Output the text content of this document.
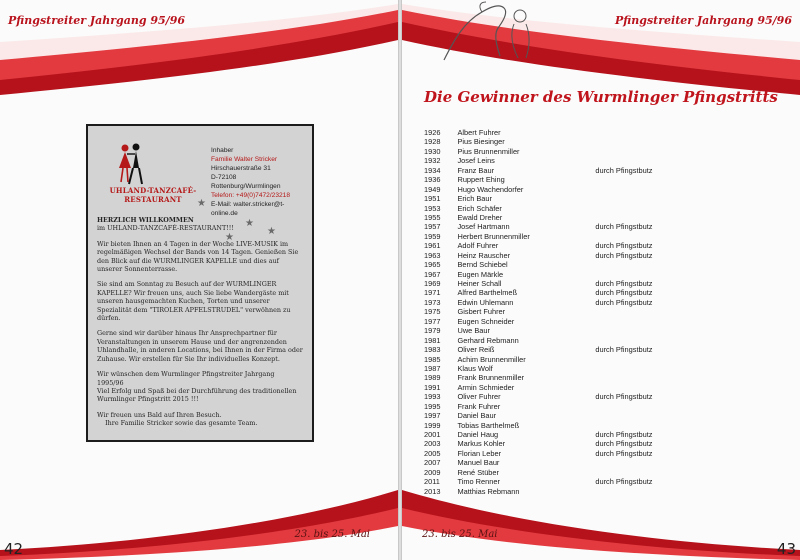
Pfingstreiter Jahrgang 95/96
UHLAND-TANZCAFÉ-RESTAURANT
Inhaber
Familie Walter Stricker
Hirschauerstraße 31
D-72108 Rottenburg/Wurmlingen
Telefon: +49(0)7472/23218
E-Mail: walter.stricker@t-online.de
★
★
★
★

HERZLICH WILLKOMMEN

im UHLAND-TANZCAFÉ-RESTAURANT!!!

Wir bieten Ihnen an 4 Tagen in der Woche LIVE-MUSIK im regelmäßigen Wechsel der Bands von 14 Tagen. Genießen Sie den Blick auf die WURMLINGER KAPELLE und dies auf unserer Sonnenterrasse.

Sie sind am Sonntag zu Besuch auf der WURMLINGER KAPELLE? Wir freuen uns, auch Sie liebe Wandergäste mit unseren hausgemachten Kuchen, Torten und unserer Spezialität dem "TIROLER APFELSTRUDEL" verwöhnen zu dürfen.

Gerne sind wir darüber hinaus Ihr Ansprechpartner für Veranstaltungen in unserem Hause und der angrenzenden Uhlandhalle, in anderen Locations, bei Ihnen in der Firma oder Zuhause. Wir erstellen für Sie Ihr individuelles Konzept.

Wir wünschen dem Wurmlinger Pfingstreiter Jahrgang 1995/96
Viel Erfolg und Spaß bei der Durchführung des traditionellen
Wurmlinger Pfingstritt 2015 !!!

Wir freuen uns Bald auf Ihren Besuch.
Ihre Familie Stricker sowie das gesamte Team.

23. bis 25. Mai
42
Pfingstreiter Jahrgang 95/96
Die Gewinner des Wurmlinger Pfingstritts
1926	Albert Fuhrer
1928	Pius Biesinger
1930	Pius Brunnenmiller
1932	Josef Leins
1934	Franz Baur	durch Pfingstbutz
1936	Ruppert Ehing
1949	Hugo Wachendorfer
1951	Erich Baur
1953	Erich Schäfer
1955	Ewald Dreher
1957	Josef Hartmann	durch Pfingstbutz
1959	Herbert Brunnenmiller
1961	Adolf Fuhrer	durch Pfingstbutz
1963	Heinz Rauscher	durch Pfingstbutz
1965	Bernd Schiebel
1967	Eugen Märkle
1969	Heiner Schall	durch Pfingstbutz
1971	Alfred Barthelmeß	durch Pfingstbutz
1973	Edwin Uhlemann	durch Pfingstbutz
1975	Gisbert Fuhrer
1977	Eugen Schneider
1979	Uwe Baur
1981	Gerhard Rebmann
1983	Oliver Reiß	durch Pfingstbutz
1985	Achim Brunnenmiller
1987	Klaus Wolf
1989	Frank Brunnenmiller
1991	Armin Schmieder
1993	Oliver Fuhrer	durch Pfingstbutz
1995	Frank Fuhrer
1997	Daniel Baur
1999	Tobias Barthelmeß
2001	Daniel Haug	durch Pfingstbutz
2003	Markus Kohler	durch Pfingstbutz
2005	Florian Leber	durch Pfingstbutz
2007	Manuel Baur
2009	René Stüber
2011	Timo Renner	durch Pfingstbutz
2013	Matthias Rebmann
23. bis 25. Mai
43
